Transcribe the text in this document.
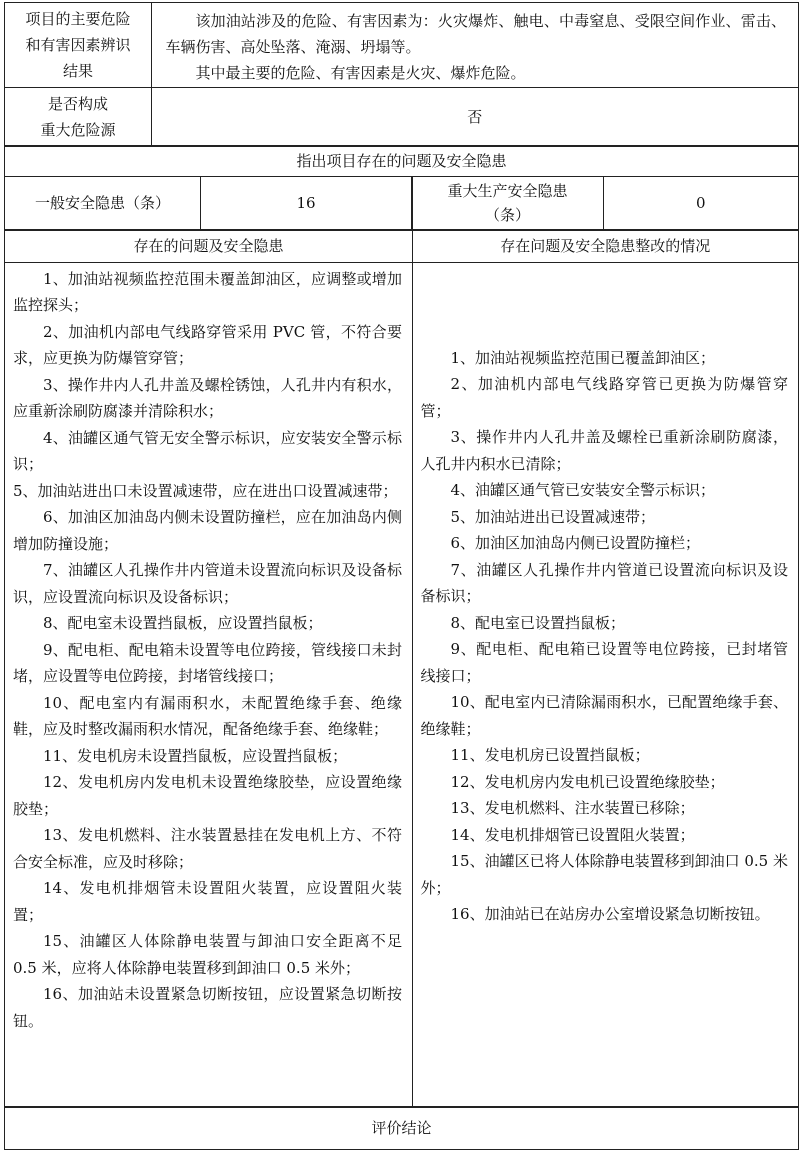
项目的主要危险
和有害因素辨识
结果

该加油站涉及的危险、有害因素为：火灾爆炸、触电、中毒窒息、受限空间作业、雷击、车辆伤害、高处坠落、淹溺、坍塌等。

其中最主要的危险、有害因素是火灾、爆炸危险。

是否构成
重大危险源
否
指出项目存在的问题及安全隐患
一般安全隐患（条）	16
重大生产安全隐患
（条）
0
存在的问题及安全隐患	存在问题及安全隐患整改的情况

1、加油站视频监控范围未覆盖卸油区，应调整或增加监控探头；

2、加油机内部电气线路穿管采用 PVC 管，不符合要求，应更换为防爆管穿管；

3、操作井内人孔井盖及螺栓锈蚀，人孔井内有积水，应重新涂刷防腐漆并清除积水；

4、油罐区通气管无安全警示标识，应安装安全警示标识；

5、加油站进出口未设置减速带，应在进出口设置减速带；

6、加油区加油岛内侧未设置防撞栏，应在加油岛内侧增加防撞设施；

7、油罐区人孔操作井内管道未设置流向标识及设备标识，应设置流向标识及设备标识；

8、配电室未设置挡鼠板，应设置挡鼠板；

9、配电柜、配电箱未设置等电位跨接，管线接口未封堵，应设置等电位跨接，封堵管线接口；

10、配电室内有漏雨积水，未配置绝缘手套、绝缘鞋，应及时整改漏雨积水情况，配备绝缘手套、绝缘鞋；

11、发电机房未设置挡鼠板，应设置挡鼠板；

12、发电机房内发电机未设置绝缘胶垫，应设置绝缘胶垫；

13、发电机燃料、注水装置悬挂在发电机上方、不符合安全标准，应及时移除；

14、发电机排烟管未设置阻火装置，应设置阻火装置；

15、油罐区人体除静电装置与卸油口安全距离不足 0.5 米，应将人体除静电装置移到卸油口 0.5 米外；

16、加油站未设置紧急切断按钮，应设置紧急切断按钮。

1、加油站视频监控范围已覆盖卸油区；

2、加油机内部电气线路穿管已更换为防爆管穿管；

3、操作井内人孔井盖及螺栓已重新涂刷防腐漆，人孔井内积水已清除；

4、油罐区通气管已安装安全警示标识；

5、加油站进出已设置减速带；

6、加油区加油岛内侧已设置防撞栏；

7、油罐区人孔操作井内管道已设置流向标识及设备标识；

8、配电室已设置挡鼠板；

9、配电柜、配电箱已设置等电位跨接，已封堵管线接口；

10、配电室内已清除漏雨积水，已配置绝缘手套、绝缘鞋；

11、发电机房已设置挡鼠板；

12、发电机房内发电机已设置绝缘胶垫；

13、发电机燃料、注水装置已移除；

14、发电机排烟管已设置阻火装置；

15、油罐区已将人体除静电装置移到卸油口 0.5 米外；

16、加油站已在站房办公室增设紧急切断按钮。

评价结论
